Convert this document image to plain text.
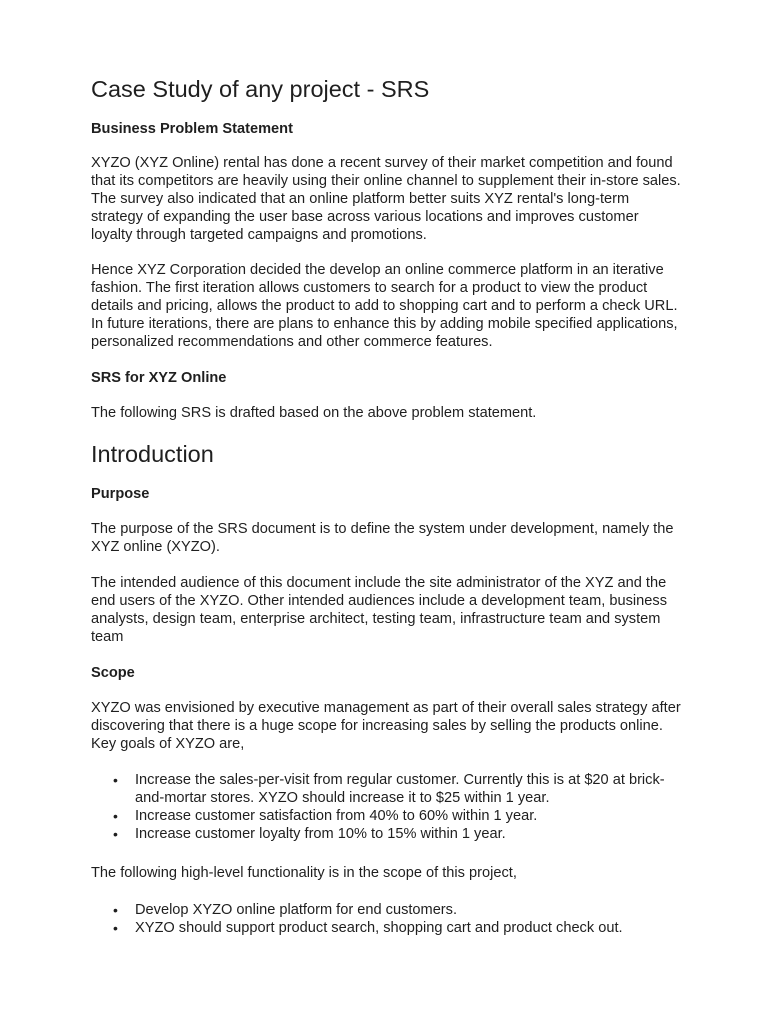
Case Study of any project - SRS
Business Problem Statement

XYZO (XYZ Online) rental has done a recent survey of their market competition and found that its competitors are heavily using their online channel to supplement their in-store sales. The survey also indicated that an online platform better suits XYZ rental's long-term strategy of expanding the user base across various locations and improves customer loyalty through targeted campaigns and promotions.

Hence XYZ Corporation decided the develop an online commerce platform in an iterative fashion. The first iteration allows customers to search for a product to view the product details and pricing, allows the product to add to shopping cart and to perform a check URL. In future iterations, there are plans to enhance this by adding mobile specified applications, personalized recommendations and other commerce features.

SRS for XYZ Online

The following SRS is drafted based on the above problem statement.

Introduction
Purpose

The purpose of the SRS document is to define the system under development, namely the XYZ online (XYZO).

The intended audience of this document include the site administrator of the XYZ and the end users of the XYZO. Other intended audiences include a development team, business analysts, design team, enterprise architect, testing team, infrastructure team and system team

Scope

XYZO was envisioned by executive management as part of their overall sales strategy after discovering that there is a huge scope for increasing sales by selling the products online. Key goals of XYZO are,

• Increase the sales-per-visit from regular customer. Currently this is at $20 at brick-and-mortar stores. XYZO should increase it to $25 within 1 year.
• Increase customer satisfaction from 40% to 60% within 1 year.
• Increase customer loyalty from 10% to 15% within 1 year.

The following high-level functionality is in the scope of this project,

• Develop XYZO online platform for end customers.
• XYZO should support product search, shopping cart and product check out.
